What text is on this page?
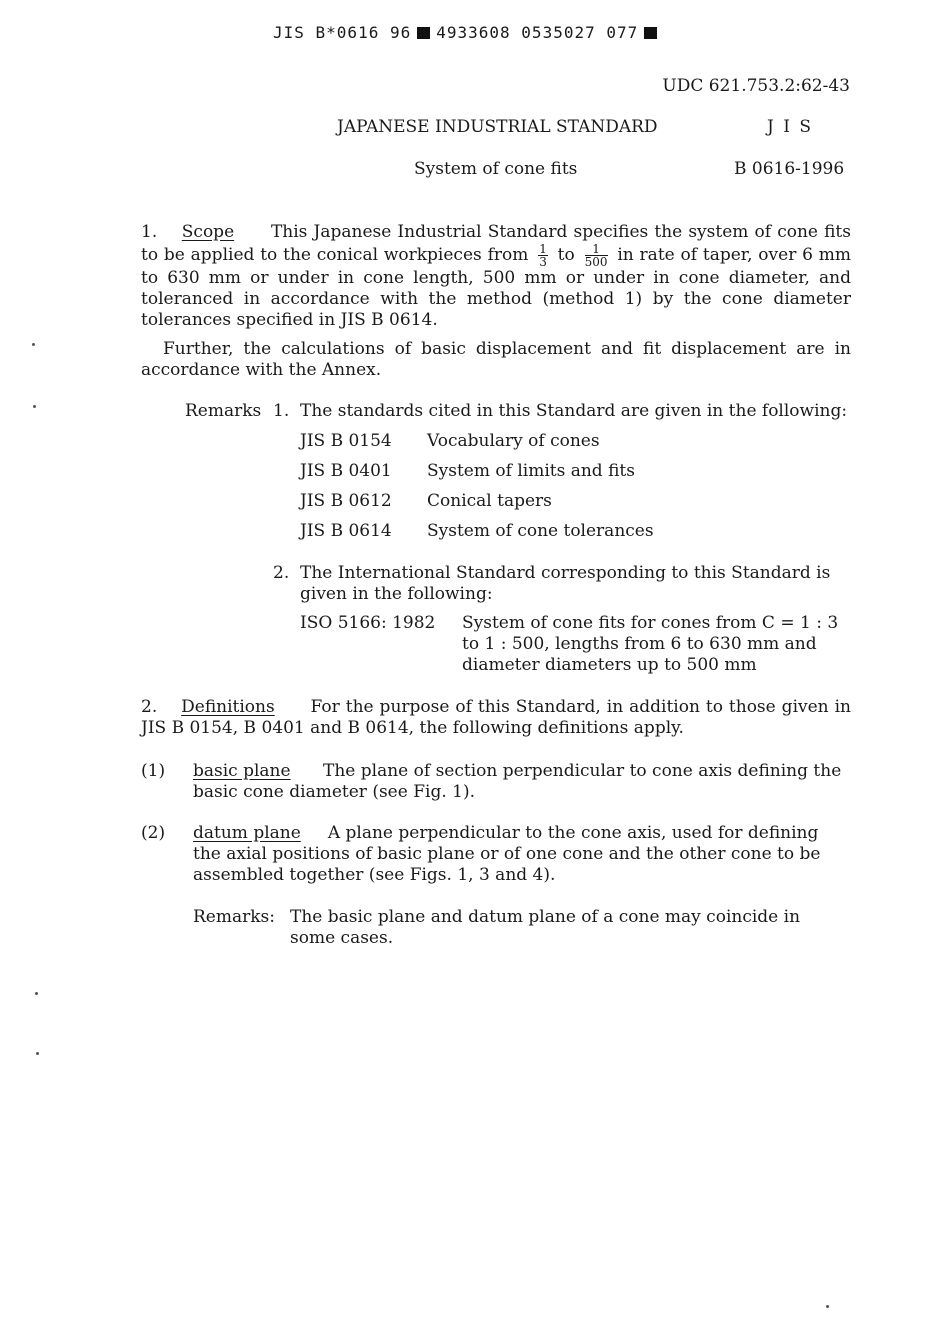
JIS B*0616 96 4933608 0535027 077
UDC 621.753.2:62-43
JAPANESE INDUSTRIAL STANDARD	J I S
System of cone fits	B 0616-1996
1. Scope This Japanese Industrial Standard specifies the system of cone fits to be applied to the conical workpieces from $\frac{1}{3}$ to $\frac{1}{500}$ in rate of taper, over 6 mm to 630 mm or under in cone length, 500 mm or under in cone diameter, and toleranced in accordance with the method (method 1) by the cone diameter tolerances specified in JIS B 0614.
Further, the calculations of basic displacement and fit displacement are in accordance with the Annex.
Remarks 1. The standards cited in this Standard are given in the following:
JIS B 0154	Vocabulary of cones
JIS B 0401	System of limits and fits
JIS B 0612	Conical tapers
JIS B 0614	System of cone tolerances
2. The International Standard corresponding to this Standard is given in the following:
ISO 5166: 1982 System of cone fits for cones from C = 1 : 3 to 1 : 500, lengths from 6 to 630 mm and diameter diameters up to 500 mm
2. Definitions For the purpose of this Standard, in addition to those given in JIS B 0154, B 0401 and B 0614, the following definitions apply.
(1) basic plane The plane of section perpendicular to cone axis defining the basic cone diameter (see Fig. 1).
(2) datum plane A plane perpendicular to the cone axis, used for defining the axial positions of basic plane or of one cone and the other cone to be assembled together (see Figs. 1, 3 and 4).
Remarks: The basic plane and datum plane of a cone may coincide in some cases.
